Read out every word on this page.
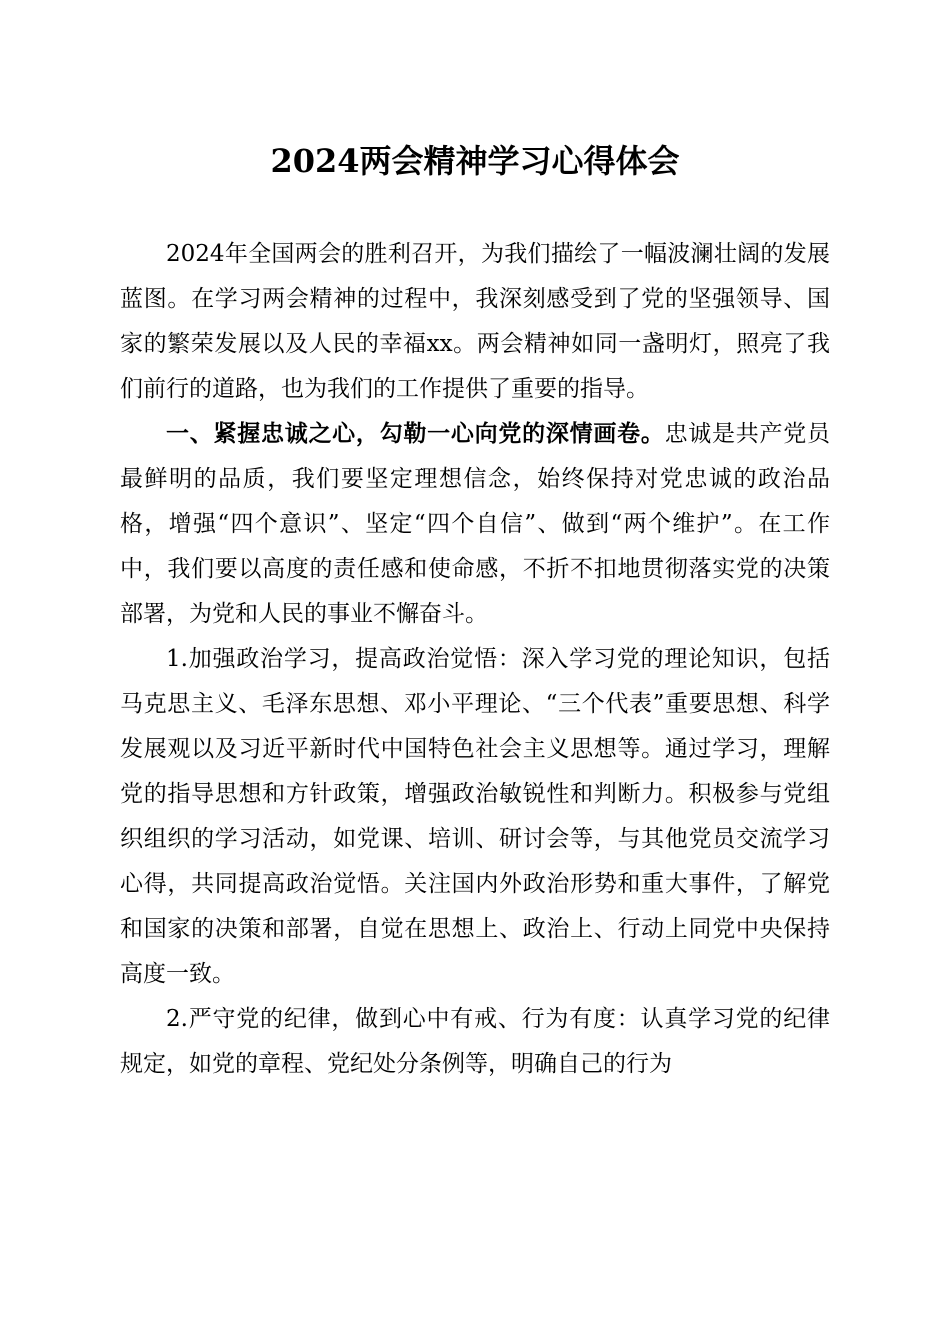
2024两会精神学习心得体会

2024年全国两会的胜利召开，为我们描绘了一幅波澜壮阔的发展蓝图。在学习两会精神的过程中，我深刻感受到了党的坚强领导、国家的繁荣发展以及人民的幸福xx。两会精神如同一盏明灯，照亮了我们前行的道路，也为我们的工作提供了重要的指导。

一、紧握忠诚之心，勾勒一心向党的深情画卷。忠诚是共产党员最鲜明的品质，我们要坚定理想信念，始终保持对党忠诚的政治品格，增强“四个意识”、坚定“四个自信”、做到“两个维护”。在工作中，我们要以高度的责任感和使命感，不折不扣地贯彻落实党的决策部署，为党和人民的事业不懈奋斗。

1.加强政治学习，提高政治觉悟：深入学习党的理论知识，包括马克思主义、毛泽东思想、邓小平理论、“三个代表”重要思想、科学发展观以及习近平新时代中国特色社会主义思想等。通过学习，理解党的指导思想和方针政策，增强政治敏锐性和判断力。积极参与党组织组织的学习活动，如党课、培训、研讨会等，与其他党员交流学习心得，共同提高政治觉悟。关注国内外政治形势和重大事件，了解党和国家的决策和部署，自觉在思想上、政治上、行动上同党中央保持高度一致。

2.严守党的纪律，做到心中有戒、行为有度：认真学习党的纪律规定，如党的章程、党纪处分条例等，明确自己的行为
